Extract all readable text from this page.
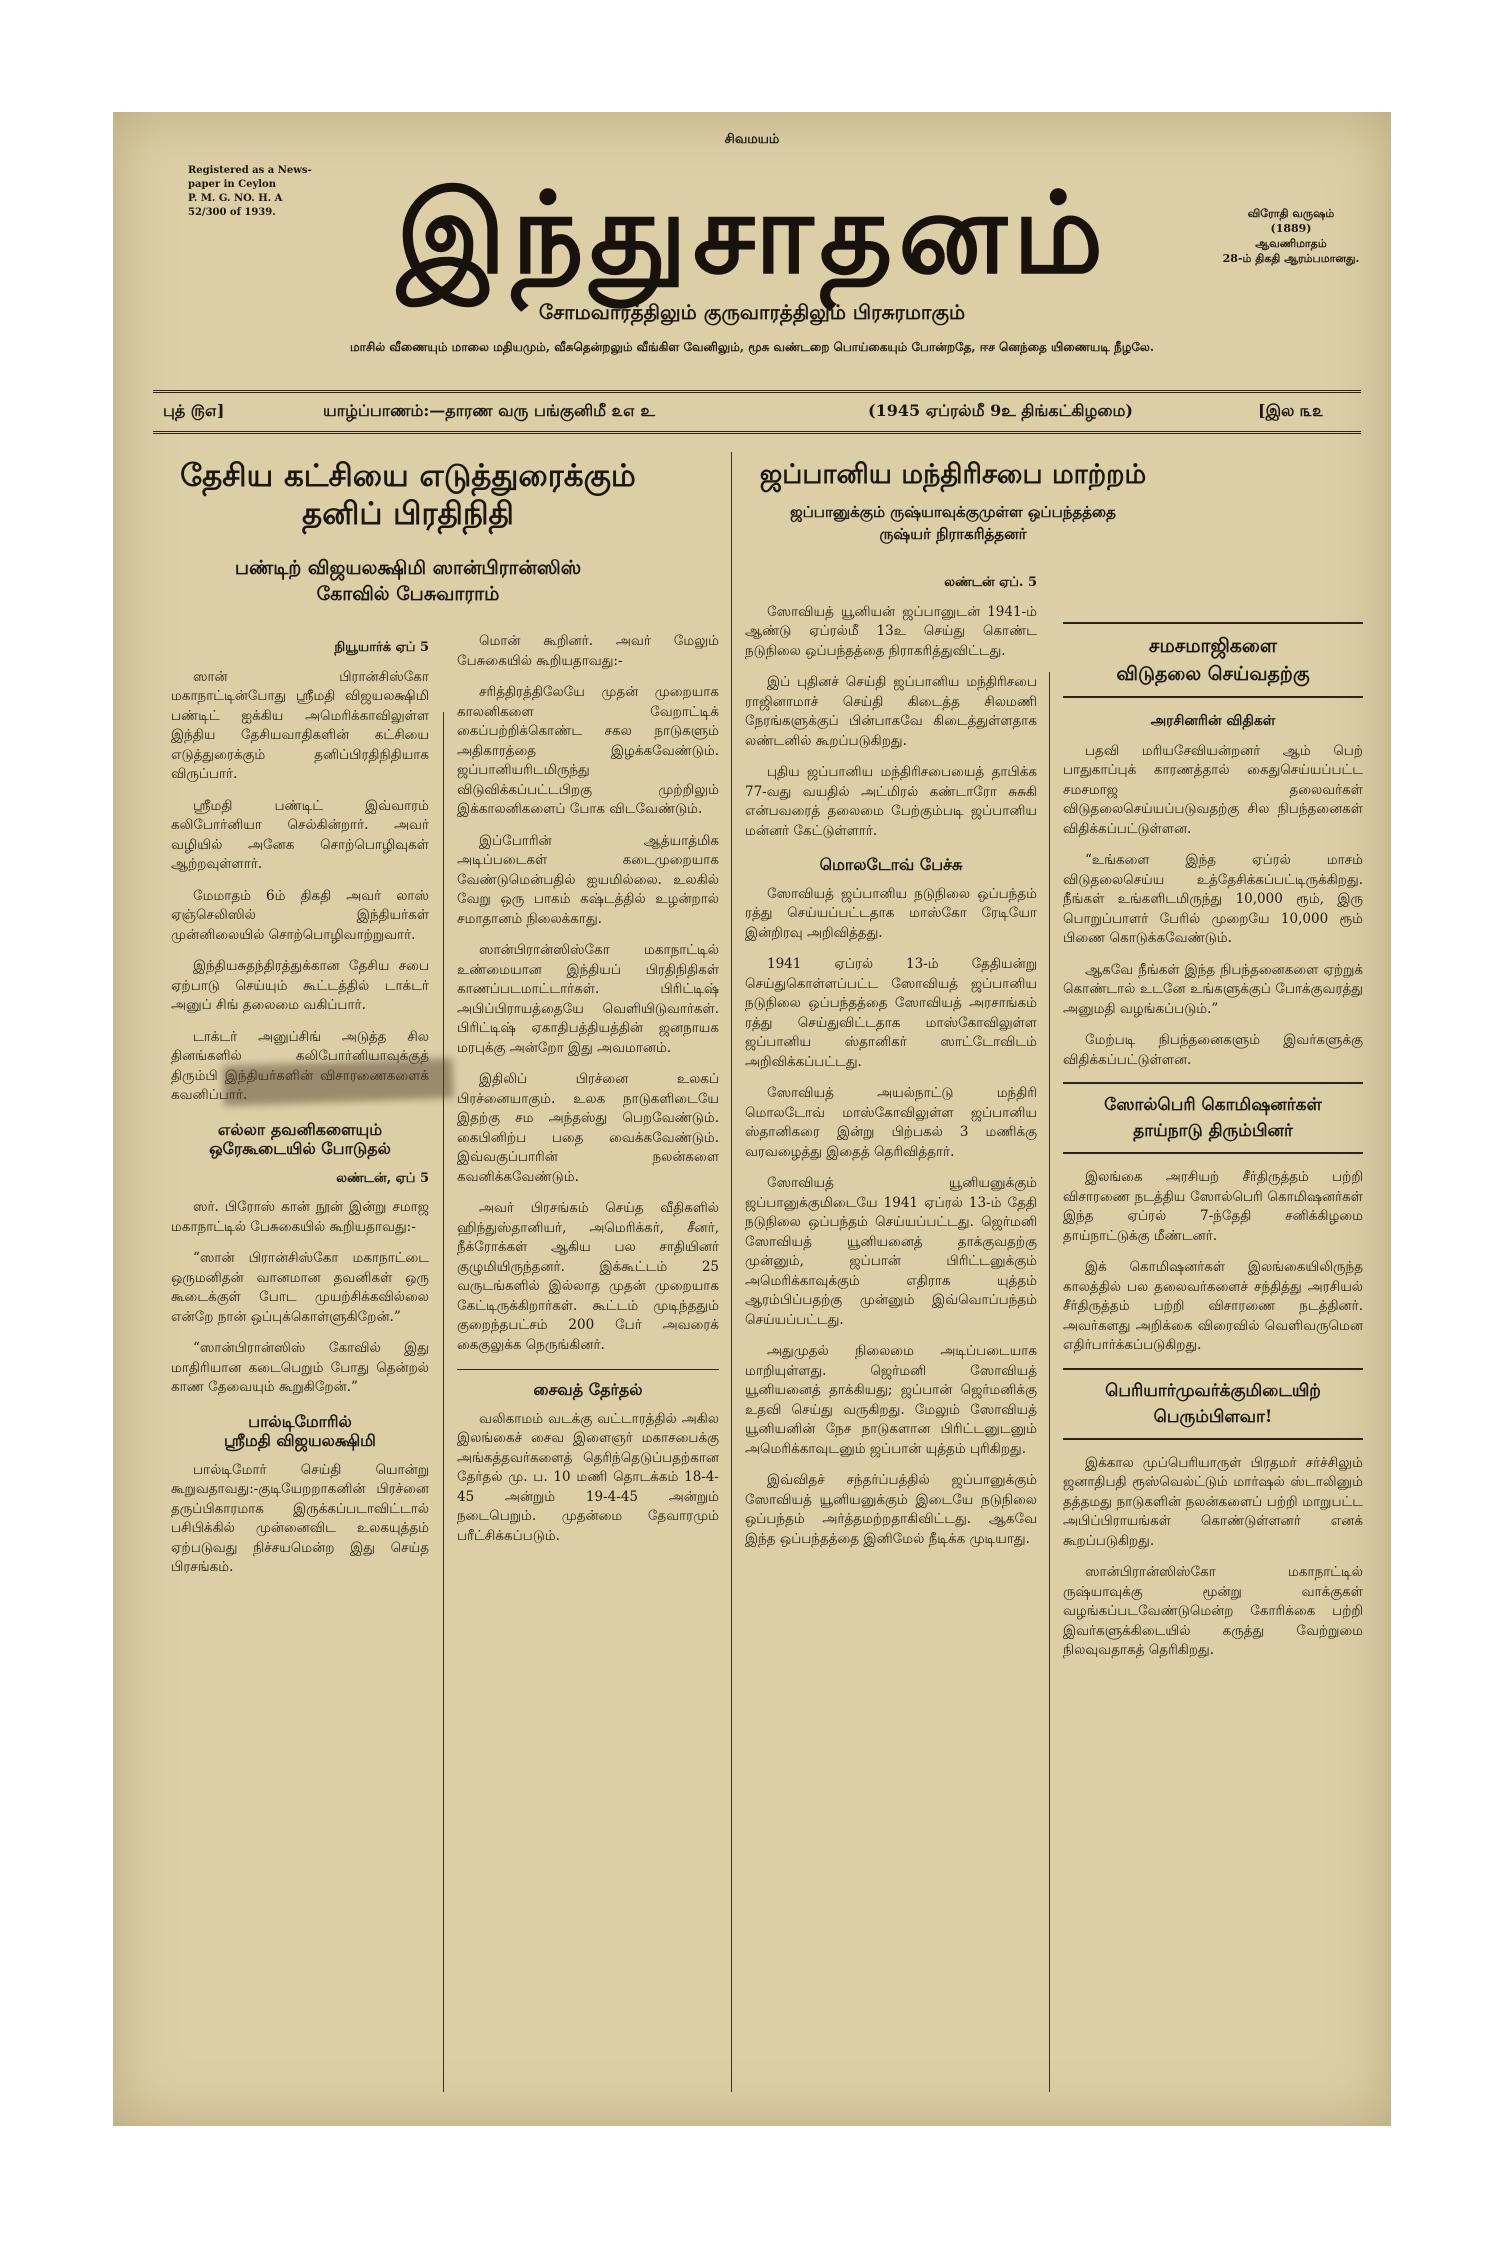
சிவமயம்
Registered as a News-
paper in Ceylon
P. M. G. NO. H. A
52/300 of 1939.	இந்துசாதனம்	விரோதி வருஷம்
(1889)
ஆவணிமாதம்
28-ம் திகதி ஆரம்பமானது.
சோமவாரத்திலும் குருவாரத்திலும் பிரசுரமாகும்
மாசில் வீணையும் மாலை மதியமும், வீசுதென்றலும் வீங்கிள வேனிலும், மூசு வண்டறை பொய்கையும் போன்றதே, ஈச னெந்தை யிணையடி நீழலே.
புத் ௫௭]	யாழ்ப்பாணம்:—தாரண வரு பங்குனிமீ ௨௭ உ	(1945 ஏப்ரல்மீ 9உ திங்கட்கிழமை)	[இல ௩௨
தேசிய கட்சியை எடுத்துரைக்கும்
தனிப் பிரதிநிதி
பண்டிற் விஜயலக்ஷிமி ஸான்பிரான்ஸிஸ்
கோவில் பேசுவாராம்
ஜப்பானிய மந்திரிசபை மாற்றம்
ஜப்பானுக்கும் ருஷ்யாவுக்குமுள்ள ஒப்பந்தத்தை
ருஷ்யர் நிராகரித்தனர்
நியூயார்க் ஏப் 5

ஸான் பிரான்சிஸ்கோ மகாநாட்டின்போது ஸ்ரீமதி விஜயலக்ஷிமி பண்டிட் ஐக்கிய அமெரிக்காவிலுள்ள இந்திய தேசியவாதிகளின் கட்சியை எடுத்துரைக்கும் தனிப்பிரதிநிதியாக விருப்பார்.

ஸ்ரீமதி பண்டிட் இவ்வாரம் கலிபோர்னியா செல்கின்றார். அவர் வழியில் அனேக சொற்பொழிவுகள் ஆற்றவுள்ளார்.

மேமாதம் 6ம் திகதி அவர் லாஸ் ஏஞ்செலிஸில் இந்தியர்கள் முன்னிலையில் சொற்பொழிவாற்றுவார்.

இந்தியசுதந்திரத்துக்கான தேசிய சபை ஏற்பாடு செய்யும் கூட்டத்தில் டாக்டர் அனுப் சிங் தலைமை வகிப்பார்.

டாக்டர் அனுப்சிங் அடுத்த சில தினங்களில் கலிபோர்னியாவுக்குத் திரும்பி இந்தியர்களின் விசாரணைகளைக் கவனிப்பார்.

எல்லா தவனிகளையும்
ஒரேகூடையில் போடுதல்
லண்டன், ஏப் 5

ஸர். பிரோஸ் கான் நூன் இன்று சமாஜ மகாநாட்டில் பேசுகையில் கூறியதாவது:-

“ஸான் பிரான்சிஸ்கோ மகாநாட்டை ஒருமனிதன் வானமான தவனிகள் ஒரு கூடைக்குள் போட முயற்சிக்கவில்லை என்றே நான் ஒப்புக்கொள்ளுகிறேன்.”

“ஸான்பிரான்ஸிஸ் கோவில் இது மாதிரியான கடைபெறும் போது தென்றல் காண தேவையும் கூறுகிறேன்.”

பால்டிமோரில்
ஸ்ரீமதி விஜயலக்ஷிமி

பால்டிமோர் செய்தி யொன்று கூறுவதாவது:-குடியேறறாகனின் பிரச்னை தருப்பிகாரமாக இருக்கப்படாவிட்டால் பசிபிக்கில் முன்னைவிட உலகயுத்தம் ஏற்படுவது நிச்சயமென்ற இது செய்த பிரசங்கம்.

மொன் கூறினர். அவர் மேலும் பேசுகையில் கூறியதாவது:-

சரித்திரத்திலேயே முதன் முறையாக காலனிகளை வேறாட்டிக் கைப்பற்றிக்கொண்ட சகல நாடுகளும் அதிகாரத்தை இழக்கவேண்டும். ஜப்பானியரிடமிருந்து விடுவிக்கப்பட்டபிறகு முற்றிலும் இக்காலனிகளைப் போக விடவேண்டும்.

இப்போரின் ஆத்யாத்மிக அடிப்படைகள் கடைமுறையாக வேண்டுமென்பதில் ஐயமில்லை. உலகில் வேறு ஒரு பாகம் கஷ்டத்தில் உழன்றால் சமாதானம் நிலைக்காது.

ஸான்பிரான்ஸிஸ்கோ மகாநாட்டில் உண்மையான இந்தியப் பிரதிநிதிகள் காணப்படமாட்டார்கள். பிரிட்டிஷ் அபிப்பிராயத்தையே வெளியிடுவார்கள். பிரிட்டிஷ் ஏகாதிபத்தியத்தின் ஜனநாயக மரபுக்கு அன்றோ இது அவமானம்.

இதிலிப் பிரச்னை உலகப் பிரச்னையாகும். உலக நாடுகளிடையே இதற்கு சம அந்தஸ்து பெறவேண்டும். கைபினிற்ப பதை வைக்கவேண்டும். இவ்வகுப்பாரின் நலன்களை கவனிக்கவேண்டும்.

அவர் பிரசங்கம் செய்த வீதிகளில் ஹிந்துஸ்தானியர், அமெரிக்கர், சீனர், நீக்ரோக்கள் ஆகிய பல சாதியினர் குழுமியிருந்தனர். இக்கூட்டம் 25 வருடங்களில் இல்லாத முதன் முறையாக கேட்டிருக்கிறார்கள். கூட்டம் முடிந்ததும் குறைந்தபட்சம் 200 பேர் அவரைக் கைகுலுக்க நெருங்கினர்.

சைவத் தேர்தல்

வலிகாமம் வடக்கு வட்டாரத்தில் அகில இலங்கைச் சைவ இளைஞர் மகாசபைக்கு அங்கத்தவர்களைத் தெரிந்தெடுப்பதற்கான தேர்தல் மு. ப. 10 மணி தொடக்கம் 18-4-45 அன்றும் 19-4-45 அன்றும் நடைபெறும். முதன்மை தேவாரமும் பரீட்சிக்கப்படும்.

லண்டன் ஏப். 5

ஸோவியத் யூனியன் ஜப்பானுடன் 1941-ம் ஆண்டு ஏப்ரல்மீ 13உ செய்து கொண்ட நடுநிலை ஒப்பந்தத்தை நிராகரித்துவிட்டது.

இப் புதினச் செய்தி ஜப்பானிய மந்திரிசபை ராஜினாமாச் செய்தி கிடைத்த சிலமணி நேரங்களுக்குப் பின்பாகவே கிடைத்துள்ளதாக லண்டனில் கூறப்படுகிறது.

புதிய ஜப்பானிய மந்திரிசபையைத் தாபிக்க 77-வது வயதில் அட்மிரல் கண்டாரோ சுசுகி என்பவரைத் தலைமை பேற்கும்படி ஜப்பானிய மன்னர் கேட்டுள்ளார்.

மொலடோவ் பேச்சு

ஸோவியத் ஜப்பானிய நடுநிலை ஒப்பந்தம் ரத்து செய்யப்பட்டதாக மாஸ்கோ ரேடியோ இன்றிரவு அறிவித்தது.

1941 ஏப்ரல் 13-ம் தேதியன்று செய்துகொள்ளப்பட்ட ஸோவியத் ஜப்பானிய நடுநிலை ஒப்பந்தத்தை ஸோவியத் அரசாங்கம் ரத்து செய்துவிட்டதாக மாஸ்கோவிலுள்ள ஜப்பானிய ஸ்தானிகர் ஸாட்டோவிடம் அறிவிக்கப்பட்டது.

ஸோவியத் அயல்நாட்டு மந்திரி மொலடோவ் மாஸ்கோவிலுள்ள ஜப்பானிய ஸ்தானிகரை இன்று பிற்பகல் 3 மணிக்கு வரவழைத்து இதைத் தெரிவித்தார்.

ஸோவியத் யூனியனுக்கும் ஜப்பானுக்குமிடையே 1941 ஏப்ரல் 13-ம் தேதி நடுநிலை ஒப்பந்தம் செய்யப்பட்டது. ஜெர்மனி ஸோவியத் யூனியனைத் தாக்குவதற்கு முன்னும், ஜப்பான் பிரிட்டனுக்கும் அமெரிக்காவுக்கும் எதிராக யுத்தம் ஆரம்பிப்பதற்கு முன்னும் இவ்வொப்பந்தம் செய்யப்பட்டது.

அதுமுதல் நிலைமை அடிப்படையாக மாறியுள்ளது. ஜெர்மனி ஸோவியத் யூனியனைத் தாக்கியது; ஜப்பான் ஜெர்மனிக்கு உதவி செய்து வருகிறது. மேலும் ஸோவியத் யூனியனின் நேச நாடுகளான பிரிட்டனுடனும் அமெரிக்காவுடனும் ஜப்பான் யுத்தம் புரிகிறது.

இவ்விதச் சந்தர்ப்பத்தில் ஜப்பானுக்கும் ஸோவியத் யூனியனுக்கும் இடையே நடுநிலை ஒப்பந்தம் அர்த்தமற்றதாகிவிட்டது. ஆகவே இந்த ஒப்பந்தத்தை இனிமேல் நீடிக்க முடியாது.

சமசமாஜிகளை
விடுதலை செய்வதற்கு
அரசினரின் விதிகள்

பதவி மரியசேவியன்றனர் ஆம் பெற் பாதுகாப்புக் காரணத்தால் கைதுசெய்யப்பட்ட சமசமாஜ தலைவர்கள் விடுதலைசெய்யப்படுவதற்கு சில நிபந்தனைகள் விதிக்கப்பட்டுள்ளன.

“உங்களை இந்த ஏப்ரல் மாசம் விடுதலைசெய்ய உத்தேசிக்கப்பட்டிருக்கிறது. நீங்கள் உங்களிடமிருந்து 10,000 ரூம், இரு பொறுப்பாளர் பேரில் முறையே 10,000 ரூம் பிணை கொடுக்கவேண்டும்.

ஆகவே நீங்கள் இந்த நிபந்தனைகளை ஏற்றுக் கொண்டால் உடனே உங்களுக்குப் போக்குவரத்து அனுமதி வழங்கப்படும்.”

மேற்படி நிபந்தனைகளும் இவர்களுக்கு விதிக்கப்பட்டுள்ளன.

ஸோல்பெரி கொமிஷனர்கள்
தாய்நாடு திரும்பினர்

இலங்கை அரசியற் சீர்திருத்தம் பற்றி விசாரணை நடத்திய ஸோல்பெரி கொமிஷனர்கள் இந்த ஏப்ரல் 7-ந்தேதி சனிக்கிழமை தாய்நாட்டுக்கு மீண்டனர்.

இக் கொமிஷனர்கள் இலங்கையிலிருந்த காலத்தில் பல தலைவர்களைச் சந்தித்து அரசியல் சீர்திருத்தம் பற்றி விசாரணை நடத்தினர். அவர்களது அறிக்கை விரைவில் வெளிவருமென எதிர்பார்க்கப்படுகிறது.

பெரியார்முவர்க்குமிடையிற்
பெரும்பிளவா!

இக்கால முப்பெரியாருள் பிரதமர் சர்ச்சிலும் ஜனாதிபதி ரூஸ்வெல்ட்டும் மார்ஷல் ஸ்டாலினும் தத்தமது நாடுகளின் நலன்களைப் பற்றி மாறுபட்ட அபிப்பிராயங்கள் கொண்டுள்ளனர் எனக் கூறப்படுகிறது.

ஸான்பிரான்ஸிஸ்கோ மகாநாட்டில் ருஷ்யாவுக்கு மூன்று வாக்குகள் வழங்கப்படவேண்டுமென்ற கோரிக்கை பற்றி இவர்களுக்கிடையில் கருத்து வேற்றுமை நிலவுவதாகத் தெரிகிறது.
